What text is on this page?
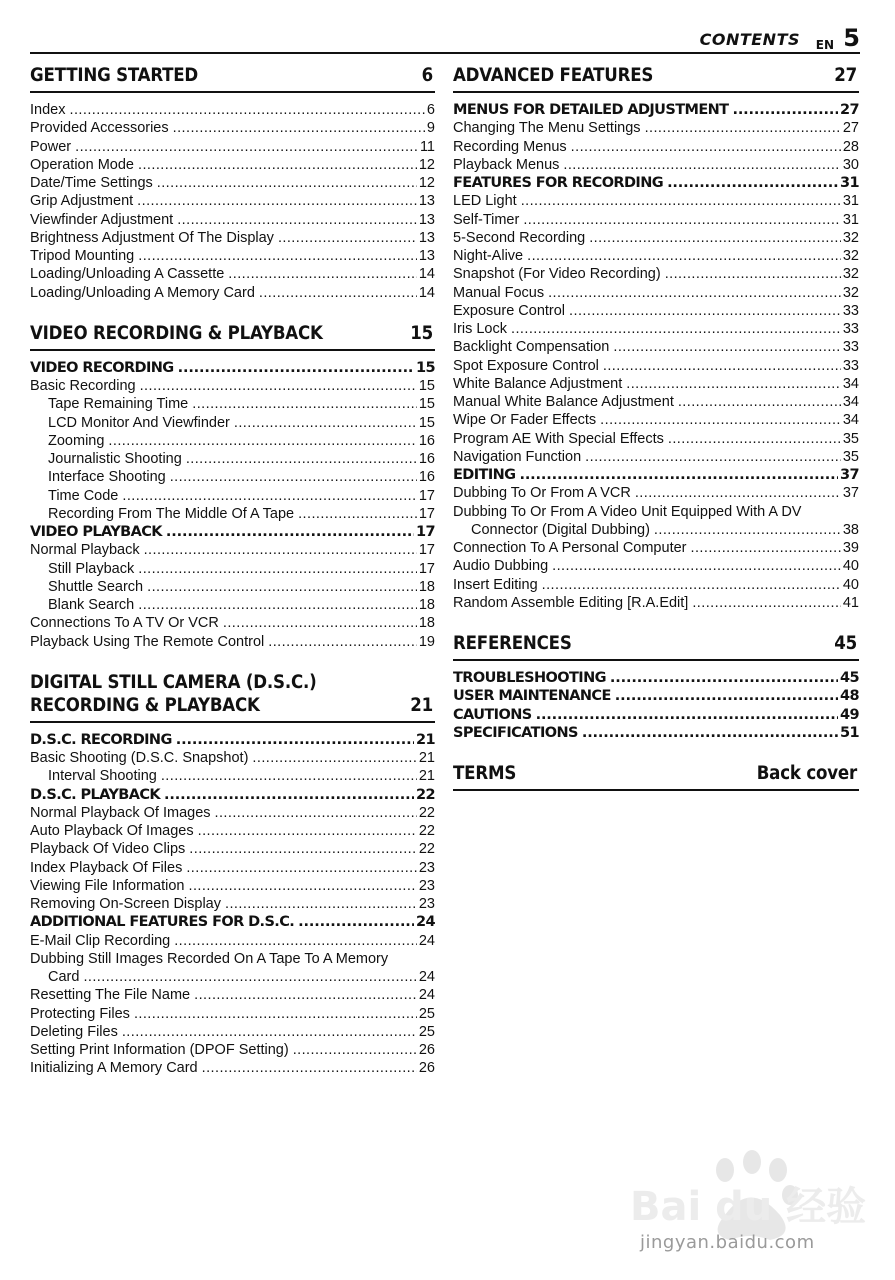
CONTENTS EN 5
GETTING STARTED	6
Index . . .	6
Provided Accessories . . .	9
Power . . .	11
Operation Mode . . .	12
Date/Time Settings . . .	12
Grip Adjustment . . .	13
Viewfinder Adjustment . . .	13
Brightness Adjustment Of The Display . . .	13
Tripod Mounting . . .	13
Loading/Unloading A Cassette . . .	14
Loading/Unloading A Memory Card . . .	14
VIDEO RECORDING & PLAYBACK	15
VIDEO RECORDING . . .	15
Basic Recording . . .	15
Tape Remaining Time . . .	15
LCD Monitor And Viewfinder . . .	15
Zooming . . .	16
Journalistic Shooting . . .	16
Interface Shooting . . .	16
Time Code . . .	17
Recording From The Middle Of A Tape . . .	17
VIDEO PLAYBACK . . .	17
Normal Playback . . .	17
Still Playback . . .	17
Shuttle Search . . .	18
Blank Search . . .	18
Connections To A TV Or VCR . . .	18
Playback Using The Remote Control . . .	19
DIGITAL STILL CAMERA (D.S.C.) RECORDING & PLAYBACK	21
D.S.C. RECORDING . . .	21
Basic Shooting (D.S.C. Snapshot) . . .	21
Interval Shooting . . .	21
D.S.C. PLAYBACK . . .	22
Normal Playback Of Images . . .	22
Auto Playback Of Images . . .	22
Playback Of Video Clips . . .	22
Index Playback Of Files . . .	23
Viewing File Information . . .	23
Removing On-Screen Display . . .	23
ADDITIONAL FEATURES FOR D.S.C. . . .	24
E-Mail Clip Recording . . .	24
Dubbing Still Images Recorded On A Tape To A Memory
Card . . .	24
Resetting The File Name . . .	24
Protecting Files . . .	25
Deleting Files . . .	25
Setting Print Information (DPOF Setting) . . .	26
Initializing A Memory Card . . .	26
ADVANCED FEATURES	27
MENUS FOR DETAILED ADJUSTMENT . . .	27
Changing The Menu Settings . . .	27
Recording Menus . . .	28
Playback Menus . . .	30
FEATURES FOR RECORDING . . .	31
LED Light . . .	31
Self-Timer . . .	31
5-Second Recording . . .	32
Night-Alive . . .	32
Snapshot (For Video Recording) . . .	32
Manual Focus . . .	32
Exposure Control . . .	33
Iris Lock . . .	33
Backlight Compensation . . .	33
Spot Exposure Control . . .	33
White Balance Adjustment . . .	34
Manual White Balance Adjustment . . .	34
Wipe Or Fader Effects . . .	34
Program AE With Special Effects . . .	35
Navigation Function . . .	35
EDITING . . .	37
Dubbing To Or From A VCR . . .	37
Dubbing To Or From A Video Unit Equipped With A DV
Connector (Digital Dubbing) . . .	38
Connection To A Personal Computer . . .	39
Audio Dubbing . . .	40
Insert Editing . . .	40
Random Assemble Editing [R.A.Edit] . . .	41
REFERENCES	45
TROUBLESHOOTING . . .	45
USER MAINTENANCE . . .	48
CAUTIONS . . .	49
SPECIFICATIONS . . .	51
TERMS	Back cover
Bai du 经验
jingyan.baidu.com
